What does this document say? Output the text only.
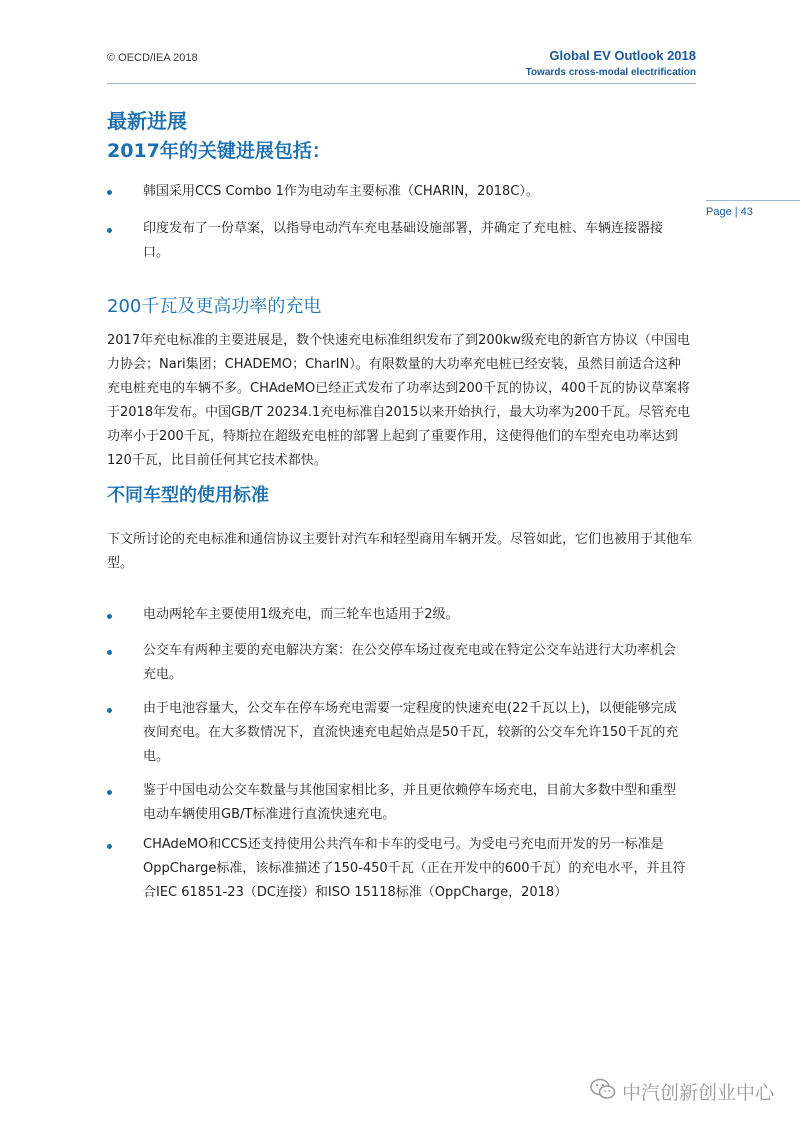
© OECD/IEA 2018	Global EV Outlook 2018
Towards cross-modal electrification
Page | 43
最新进展
2017年的关键进展包括：
韩国采用CCS Combo 1作为电动车主要标准（CHARIN，2018C）。
印度发布了一份草案，以指导电动汽车充电基础设施部署，并确定了充电桩、车辆连接器接口。
200千瓦及更高功率的充电
2017年充电标准的主要进展是，数个快速充电标准组织发布了到200kw级充电的新官方协议（中国电力协会；Nari集团；CHADEMO；CharIN）。有限数量的大功率充电桩已经安装，虽然目前适合这种充电桩充电的车辆不多。CHAdeMO已经正式发布了功率达到200千瓦的协议，400千瓦的协议草案将于2018年发布。中国GB/T 20234.1充电标准自2015以来开始执行，最大功率为200千瓦。尽管充电功率小于200千瓦，特斯拉在超级充电桩的部署上起到了重要作用，这使得他们的车型充电功率达到120千瓦，比目前任何其它技术都快。
不同车型的使用标准
下文所讨论的充电标准和通信协议主要针对汽车和轻型商用车辆开发。尽管如此，它们也被用于其他车型。
电动两轮车主要使用1级充电，而三轮车也适用于2级。
公交车有两种主要的充电解决方案：在公交停车场过夜充电或在特定公交车站进行大功率机会充电。
由于电池容量大，公交车在停车场充电需要一定程度的快速充电(22千瓦以上)，以便能够完成夜间充电。在大多数情况下，直流快速充电起始点是50千瓦，较新的公交车允许150千瓦的充电。
鉴于中国电动公交车数量与其他国家相比多，并且更依赖停车场充电，目前大多数中型和重型电动车辆使用GB/T标准进行直流快速充电。
CHAdeMO和CCS还支持使用公共汽车和卡车的受电弓。为受电弓充电而开发的另一标准是OppCharge标准，该标准描述了150-450千瓦（正在开发中的600千瓦）的充电水平，并且符合IEC 61851-23（DC连接）和ISO 15118标准（OppCharge，2018）
中汽创新创业中心
